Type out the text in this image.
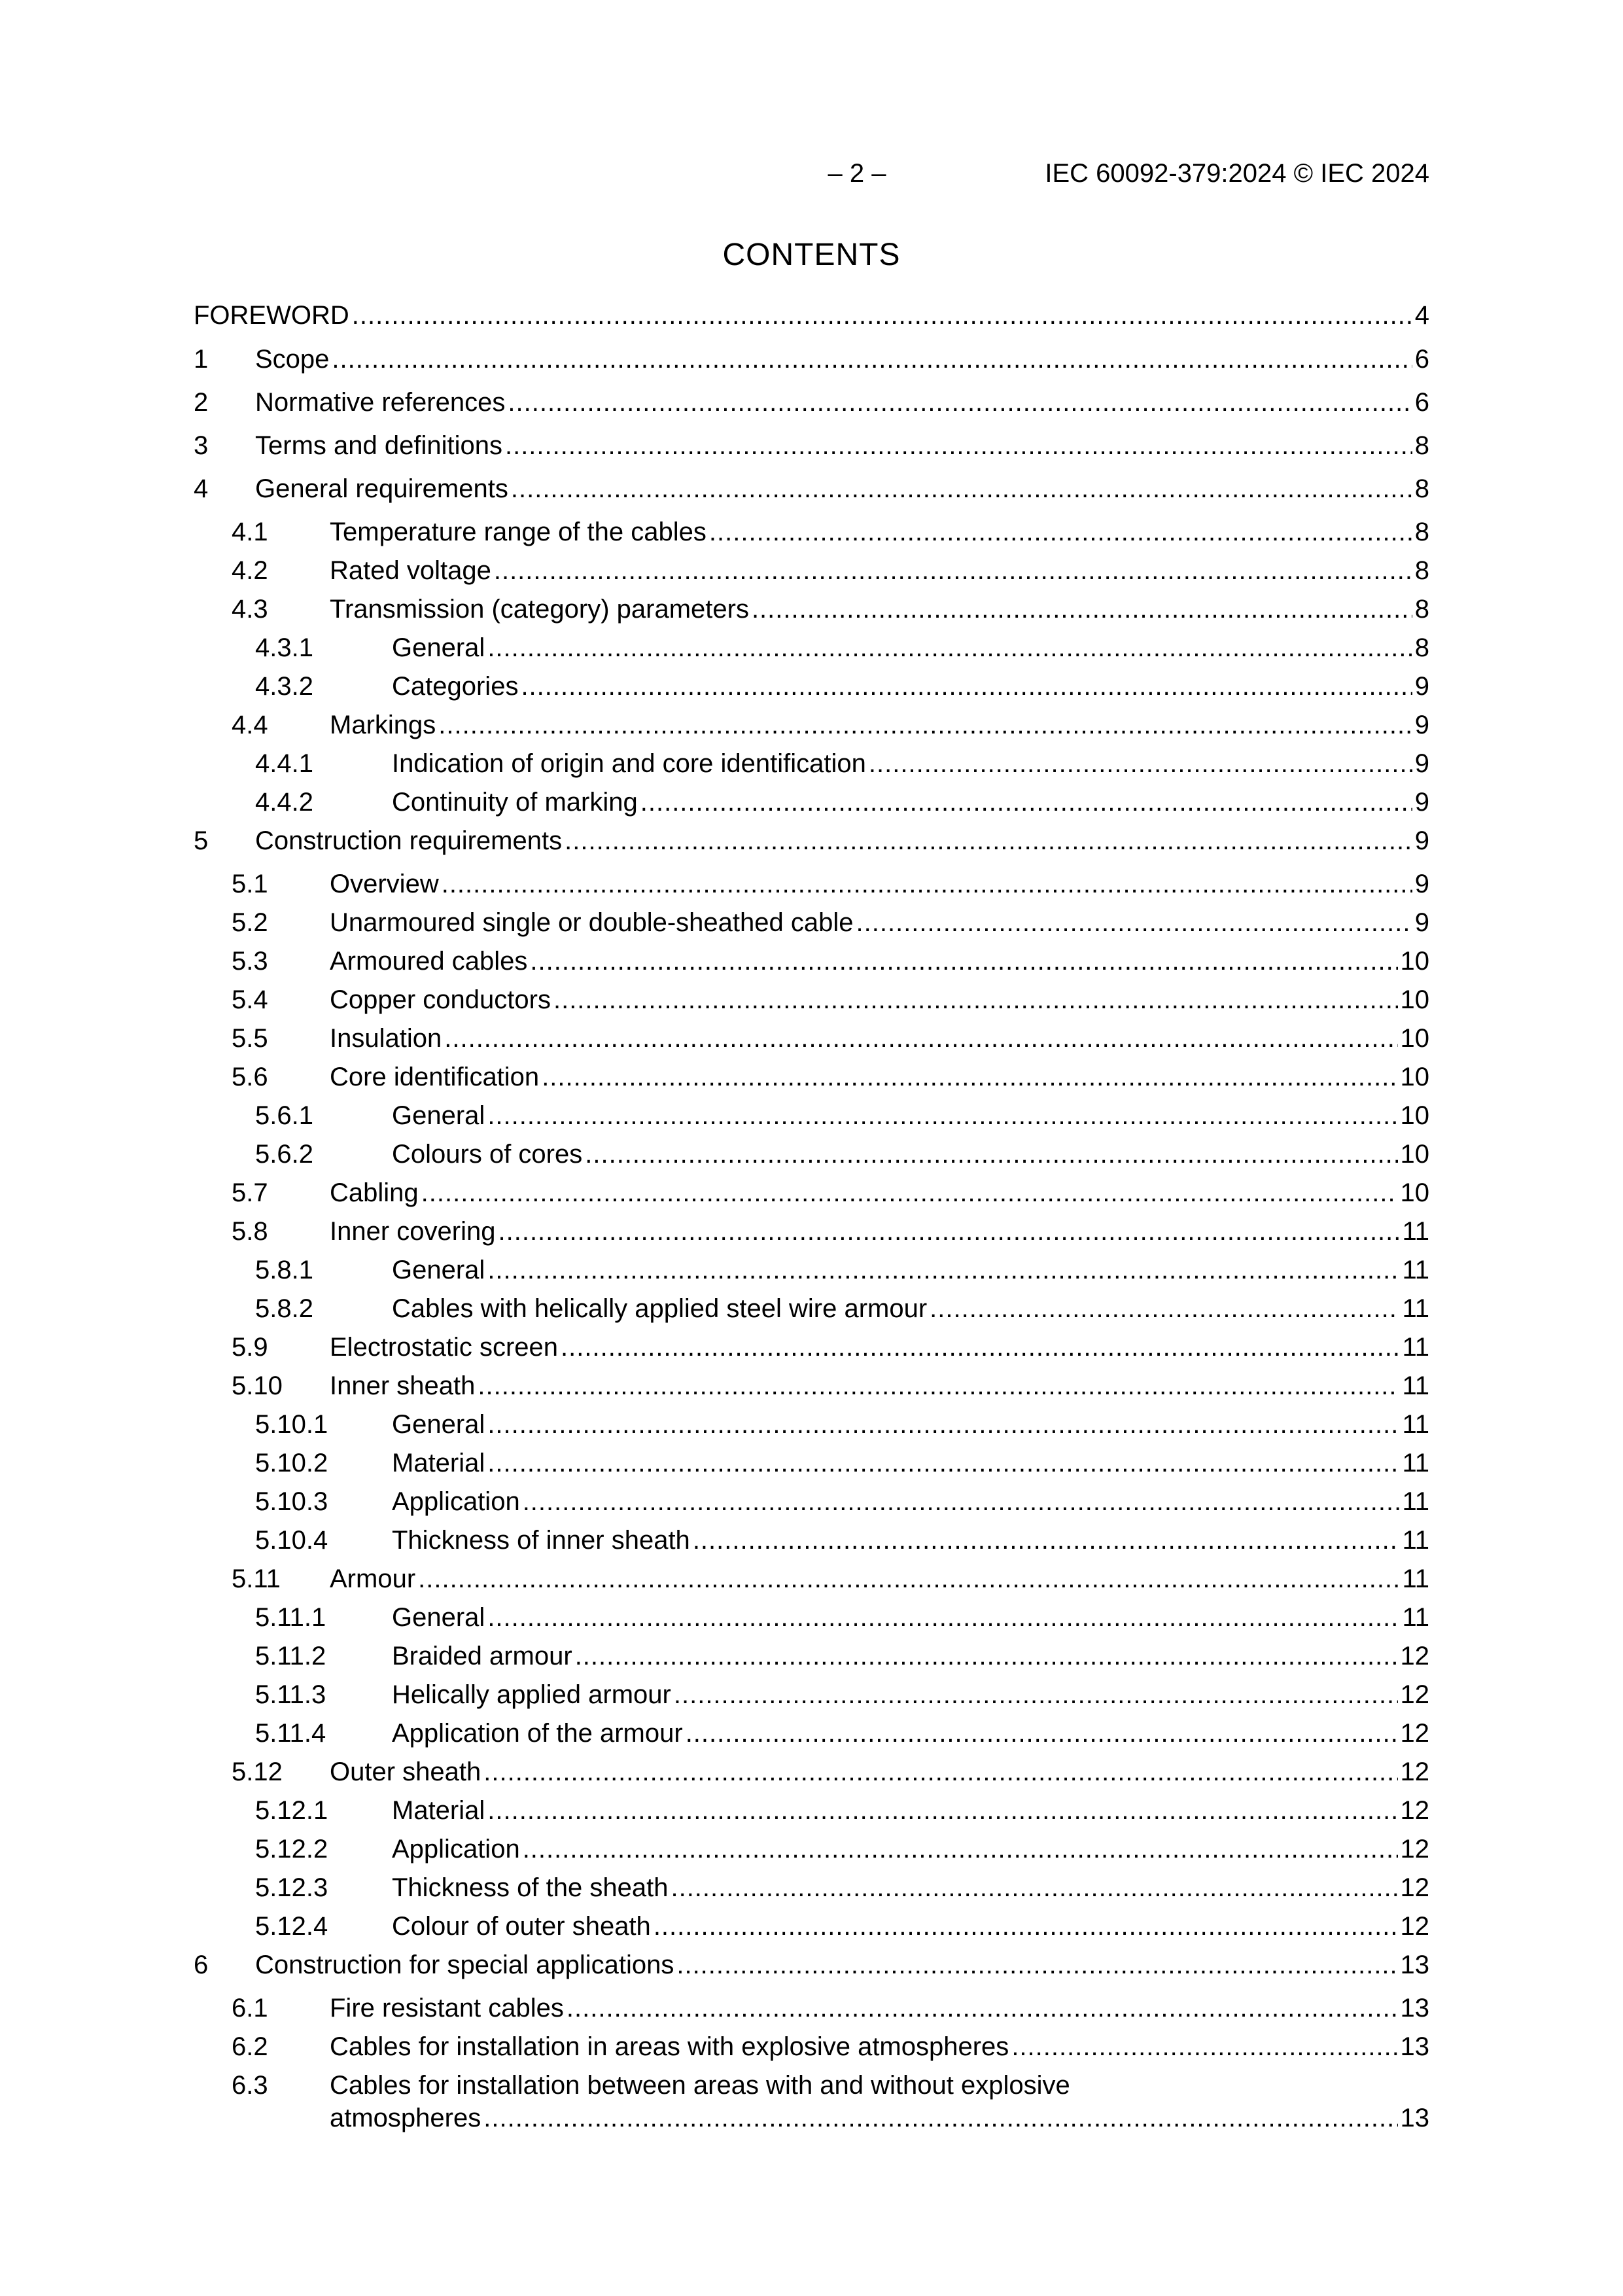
– 2 –	IEC 60092-379:2024 © IEC 2024
CONTENTS
FOREWORD .....	4
1 Scope .....	6
2 Normative references .....	6
3 Terms and definitions .....	8
4 General requirements .....	8
4.1 Temperature range of the cables .....	8
4.2 Rated voltage .....	8
4.3 Transmission (category) parameters .....	8
4.3.1	General .....	8
4.3.2	Categories .....	9
4.4 Markings .....	9
4.4.1	Indication of origin and core identification .....	9
4.4.2	Continuity of marking .....	9
5 Construction requirements .....	9
5.1 Overview .....	9
5.2 Unarmoured single or double-sheathed cable .....	9
5.3 Armoured cables .....	10
5.4 Copper conductors .....	10
5.5 Insulation .....	10
5.6 Core identification .....	10
5.6.1	General .....	10
5.6.2	Colours of cores .....	10
5.7 Cabling .....	10
5.8 Inner covering .....	11
5.8.1	General .....	11
5.8.2	Cables with helically applied steel wire armour .....	11
5.9 Electrostatic screen .....	11
5.10 Inner sheath .....	11
5.10.1 General .....	11
5.10.2 Material .....	11
5.10.3 Application .....	11
5.10.4 Thickness of inner sheath .....	11
5.11 Armour .....	11
5.11.1	General .....	11
5.11.2	Braided armour .....	12
5.11.3	Helically applied armour .....	12
5.11.4	Application of the armour .....	12
5.12 Outer sheath .....	12
5.12.1 Material .....	12
5.12.2 Application .....	12
5.12.3 Thickness of the sheath .....	12
5.12.4 Colour of outer sheath .....	12
6 Construction for special applications .....	13
6.1 Fire resistant cables .....	13
6.2 Cables for installation in areas with explosive atmospheres .....	13
6.3 Cables for installation between areas with and without explosive
atmospheres .....	13
